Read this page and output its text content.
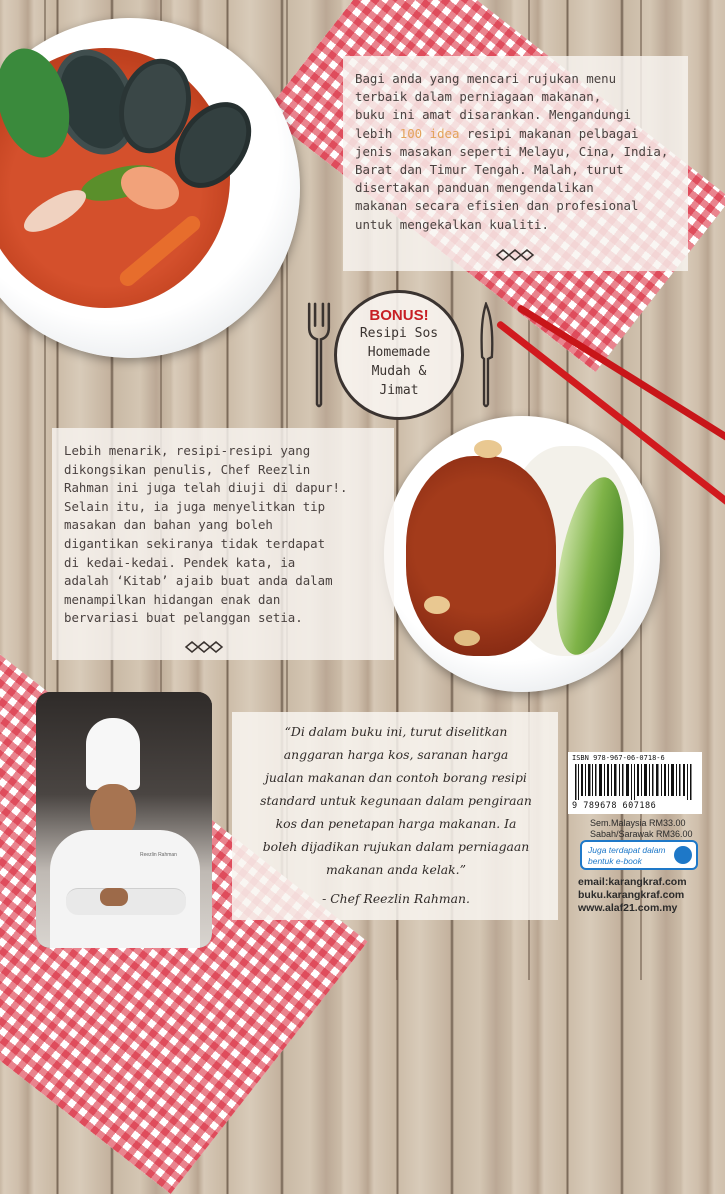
Bagi anda yang mencari rujukan menu

terbaik dalam perniagaan makanan,

buku ini amat disarankan. Mengandungi

lebih 100 idea resipi makanan pelbagai

jenis masakan seperti Melayu, Cina, India,

Barat dan Timur Tengah. Malah, turut

disertakan panduan mengendalikan

makanan secara efisien dan profesional

untuk mengekalkan kualiti.

BONUS!
Resipi Sos
Homemade
Mudah &
Jimat

Lebih menarik, resipi-resipi yang

dikongsikan penulis, Chef Reezlin

Rahman ini juga telah diuji di dapur!.

Selain itu, ia juga menyelitkan tip

masakan dan bahan yang boleh

digantikan sekiranya tidak terdapat

di kedai-kedai. Pendek kata, ia

adalah ‘Kitab’ ajaib buat anda dalam

menampilkan hidangan enak dan

bervariasi buat pelanggan setia.

Reezlin Rahman
“Di dalam buku ini, turut diselitkan
anggaran harga kos, saranan harga
jualan makanan dan contoh borang resipi
standard untuk kegunaan dalam pengiraan
kos dan penetapan harga makanan. Ia
boleh dijadikan rujukan dalam perniagaan
makanan anda kelak.”
- Chef Reezlin Rahman.
ISBN 978-967-06-0718-6
9 789678 607186
Sem.Malaysia RM33.00
Sabah/Sarawak RM36.00
Juga terdapat dalam
bentuk e-book
email:karangkraf.com
buku.karangkraf.com
www.alaf21.com.my
